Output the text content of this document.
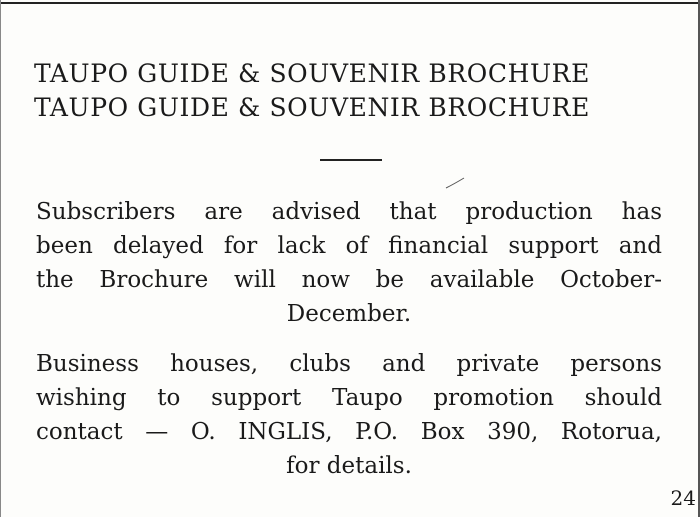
TAUPO GUIDE & SOUVENIR BROCHURE
TAUPO GUIDE & SOUVENIR BROCHURE
Subscribers are advised that production has
been delayed for lack of financial support and
the Brochure will now be available October-
December.
Business houses, clubs and private persons
wishing to support Taupo promotion should
contact — O. INGLIS, P.O. Box 390, Rotorua,
for details.
24
